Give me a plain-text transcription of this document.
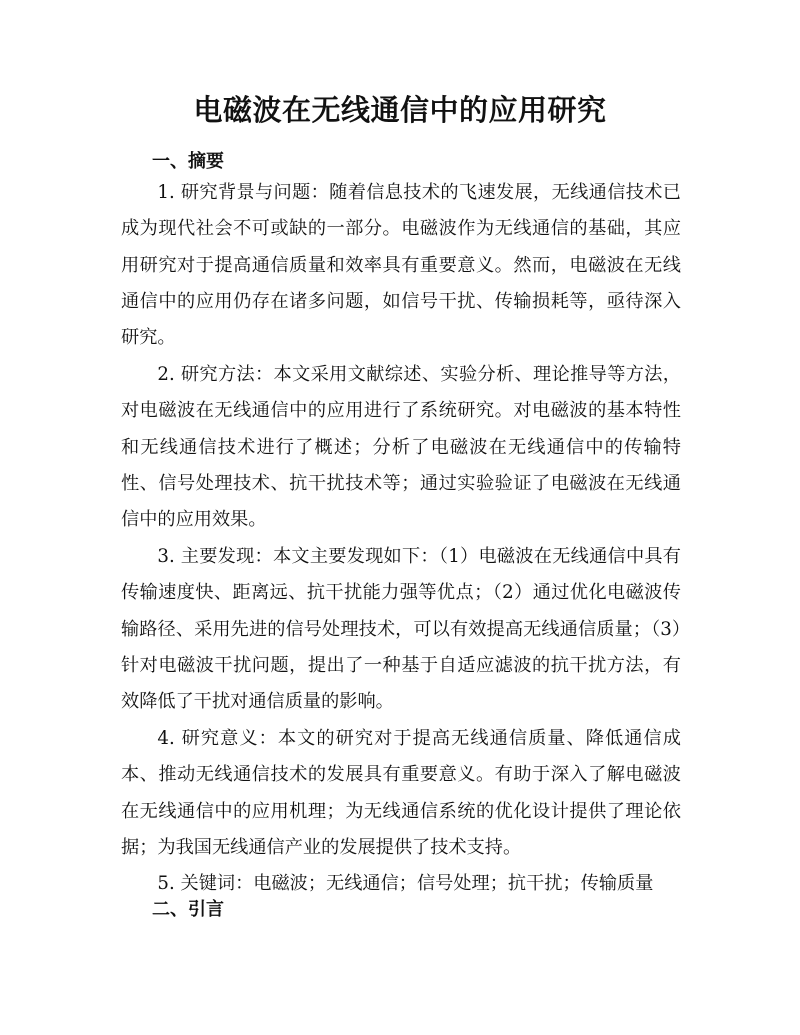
电磁波在无线通信中的应用研究
一、摘要

1. 研究背景与问题：随着信息技术的飞速发展，无线通信技术已成为现代社会不可或缺的一部分。电磁波作为无线通信的基础，其应用研究对于提高通信质量和效率具有重要意义。然而，电磁波在无线通信中的应用仍存在诸多问题，如信号干扰、传输损耗等，亟待深入研究。

2. 研究方法：本文采用文献综述、实验分析、理论推导等方法，对电磁波在无线通信中的应用进行了系统研究。对电磁波的基本特性和无线通信技术进行了概述；分析了电磁波在无线通信中的传输特性、信号处理技术、抗干扰技术等；通过实验验证了电磁波在无线通信中的应用效果。

3. 主要发现：本文主要发现如下：（1）电磁波在无线通信中具有传输速度快、距离远、抗干扰能力强等优点；（2）通过优化电磁波传输路径、采用先进的信号处理技术，可以有效提高无线通信质量；（3）针对电磁波干扰问题，提出了一种基于自适应滤波的抗干扰方法，有效降低了干扰对通信质量的影响。

4. 研究意义：本文的研究对于提高无线通信质量、降低通信成本、推动无线通信技术的发展具有重要意义。有助于深入了解电磁波在无线通信中的应用机理；为无线通信系统的优化设计提供了理论依据；为我国无线通信产业的发展提供了技术支持。

5. 关键词：电磁波；无线通信；信号处理；抗干扰；传输质量

二、引言
